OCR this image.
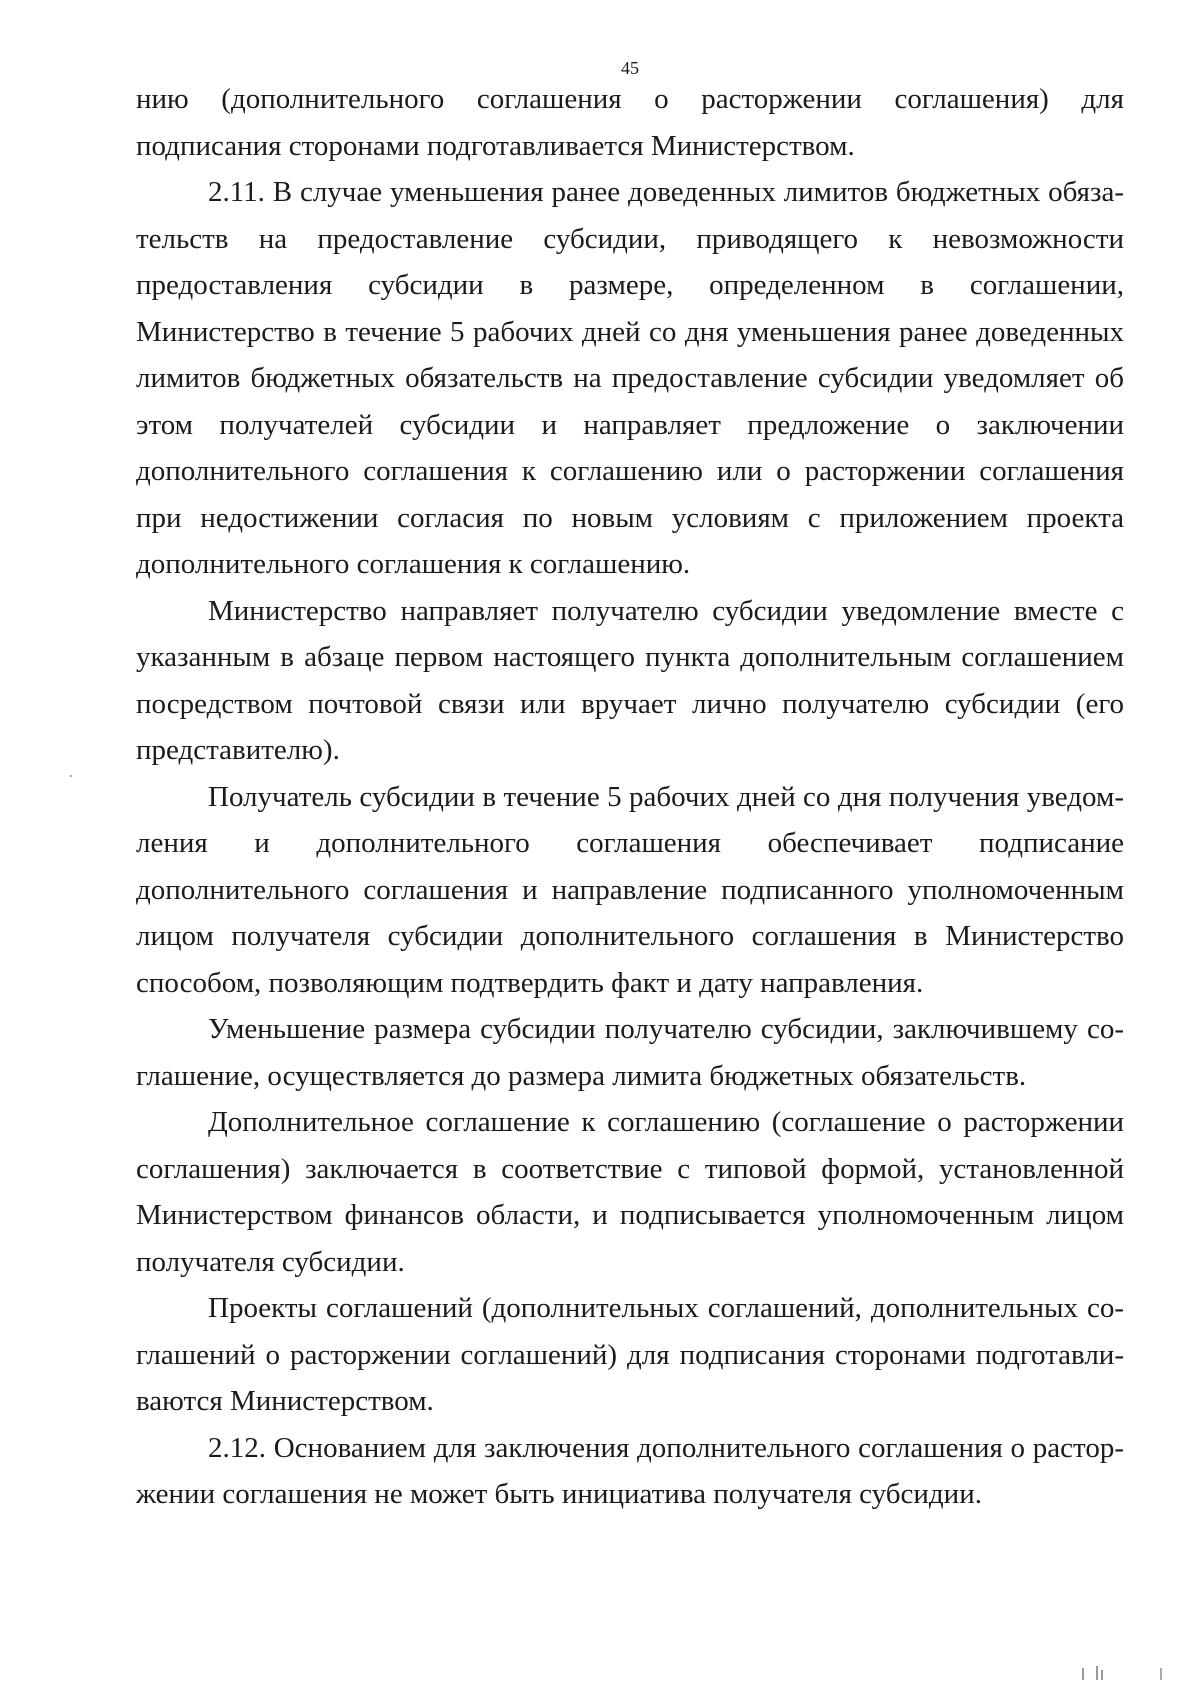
45

нию (дополнительного соглашения о расторжении соглашения) для подписания сторонами подготавливается Министерством.

2.11. В случае уменьшения ранее доведенных лимитов бюджетных обязательств на предоставление субсидии, приводящего к невозможности предоставления субсидии в размере, определенном в соглашении, Министерство в течение 5 рабочих дней со дня уменьшения ранее доведенных лимитов бюджетных обязательств на предоставление субсидии уведомляет об этом получателей субсидии и направляет предложение о заключении дополнительного соглашения к соглашению или о расторжении соглашения при недостижении согласия по новым условиям с приложением проекта дополнительного соглашения к соглашению.

Министерство направляет получателю субсидии уведомление вместе с указанным в абзаце первом настоящего пункта дополнительным соглашением посредством почтовой связи или вручает лично получателю субсидии (его представителю).

Получатель субсидии в течение 5 рабочих дней со дня получения уведомления и дополнительного соглашения обеспечивает подписание дополнительного соглашения и направление подписанного уполномоченным лицом получателя субсидии дополнительного соглашения в Министерство способом, позволяющим подтвердить факт и дату направления.

Уменьшение размера субсидии получателю субсидии, заключившему соглашение, осуществляется до размера лимита бюджетных обязательств.

Дополнительное соглашение к соглашению (соглашение о расторжении соглашения) заключается в соответствие с типовой формой, установленной Министерством финансов области, и подписывается уполномоченным лицом получателя субсидии.

Проекты соглашений (дополнительных соглашений, дополнительных соглашений о расторжении соглашений) для подписания сторонами подготавливаются Министерством.

2.12. Основанием для заключения дополнительного соглашения о расторжении соглашения не может быть инициатива получателя субсидии.
